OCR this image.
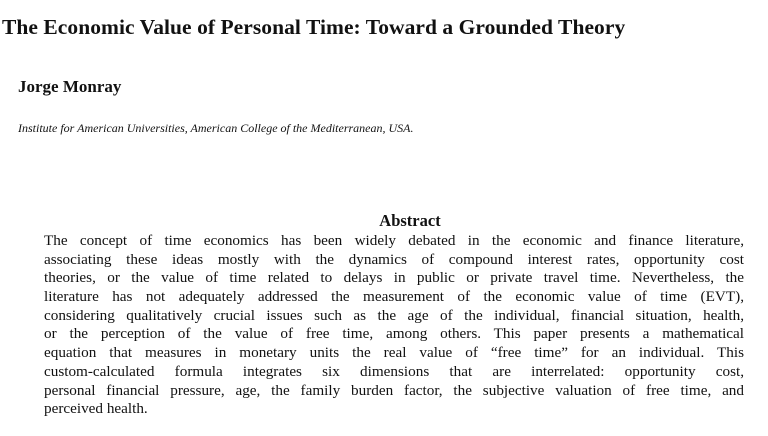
The Economic Value of Personal Time: Toward a Grounded Theory
Jorge Monray
Institute for American Universities, American College of the Mediterranean, USA.
Abstract
The concept of time economics has been widely debated in the economic and finance literature,
associating these ideas mostly with the dynamics of compound interest rates, opportunity cost
theories, or the value of time related to delays in public or private travel time. Nevertheless, the
literature has not adequately addressed the measurement of the economic value of time (EVT),
considering qualitatively crucial issues such as the age of the individual, financial situation, health,
or the perception of the value of free time, among others. This paper presents a mathematical
equation that measures in monetary units the real value of “free time” for an individual. This
custom-calculated formula integrates six dimensions that are interrelated: opportunity cost,
personal financial pressure, age, the family burden factor, the subjective valuation of free time, and
perceived health.
